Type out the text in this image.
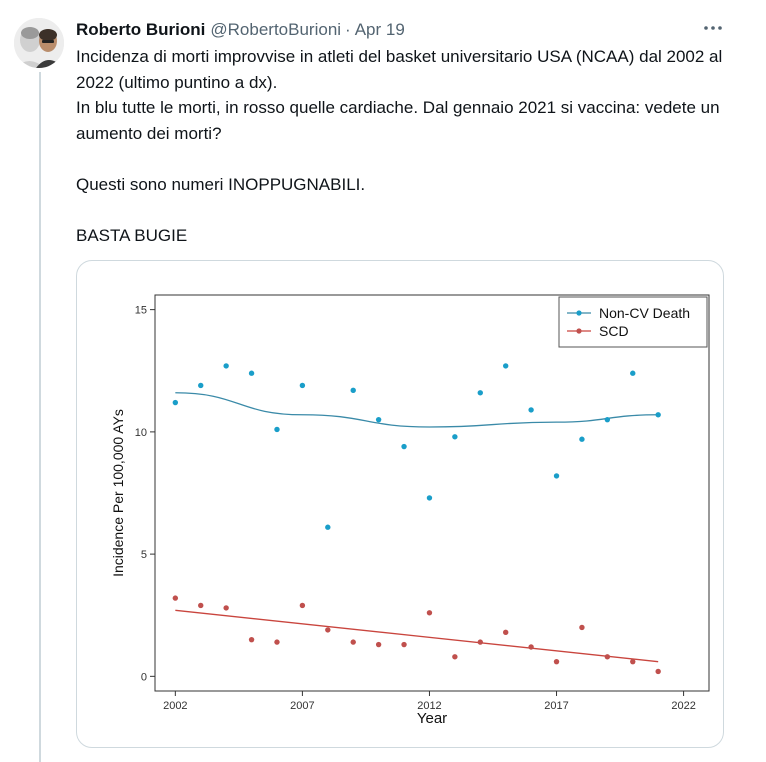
Roberto Burioni @RobertoBurioni · Apr 19

Incidenza di morti improvvise in atleti del basket universitario USA (NCAA) dal 2002 al 2022 (ultimo puntino a dx).

In blu tutte le morti, in rosso quelle cardiache. Dal gennaio 2021 si vaccina: vedete un aumento dei morti?

Questi sono numeri INOPPUGNABILI.

BASTA BUGIE

0
5
10
15
2002	2007	2012	2017	2022
Incidence Per 100,000 AYs
Year
Non-CV Death
SCD
